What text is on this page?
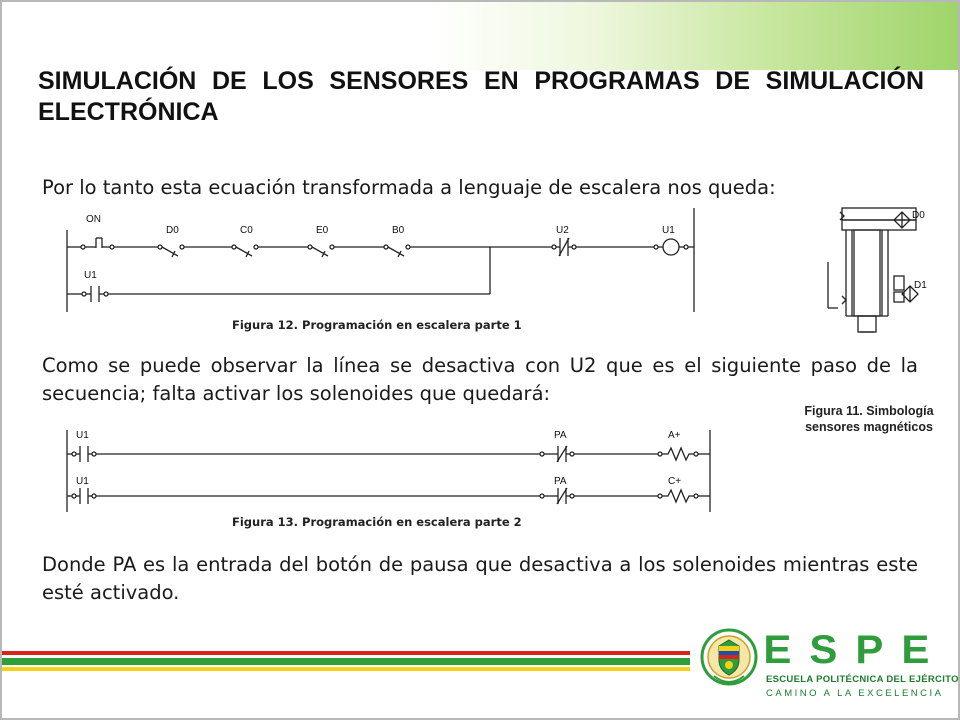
SIMULACIÓN DE LOS SENSORES EN PROGRAMAS DE SIMULACIÓN ELECTRÓNICA

Por lo tanto esta ecuación transformada a lenguaje de escalera nos queda:

ON
D0	C0	E0	B0	U2	U1
U1
Figura 12. Programación en escalera parte 1
D0
D1

Como se puede observar la línea se desactiva con U2 que es el siguiente paso de la secuencia; falta activar los solenoides que quedará:

Figura 11. Simbología sensores magnéticos
U1	PA	A+
U1	PA	C+
Figura 13. Programación en escalera parte 2

Donde PA es la entrada del botón de pausa que desactiva a los solenoides mientras este esté activado.

E S P E
ESCUELA POLITÉCNICA DEL EJÉRCITO
CAMINO A LA EXCELENCIA
